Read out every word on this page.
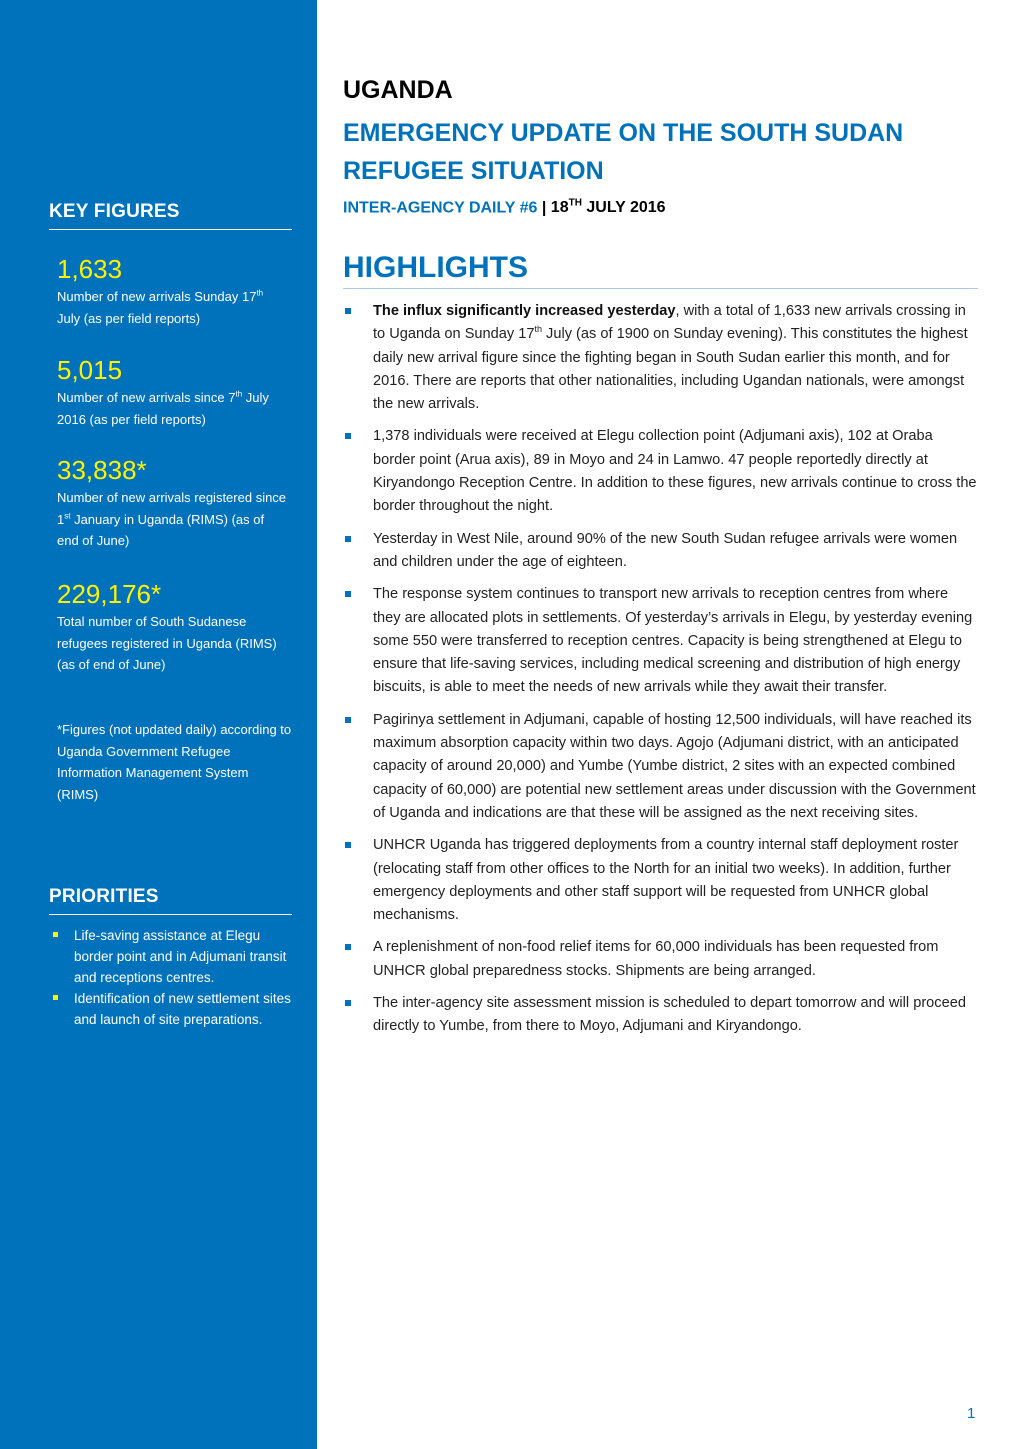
KEY FIGURES
1,633
Number of new arrivals Sunday 17th July (as per field reports)
5,015
Number of new arrivals since 7th July 2016 (as per field reports)
33,838*
Number of new arrivals registered since 1st January in Uganda (RIMS) (as of end of June)
229,176*
Total number of South Sudanese refugees registered in Uganda (RIMS) (as of end of June)
*Figures (not updated daily) according to Uganda Government Refugee Information Management System (RIMS)
PRIORITIES
Life-saving assistance at Elegu border point and in Adjumani transit and receptions centres.
Identification of new settlement sites and launch of site preparations.
UGANDA
EMERGENCY UPDATE ON THE SOUTH SUDAN REFUGEE SITUATION
INTER-AGENCY DAILY #6 | 18TH JULY 2016
HIGHLIGHTS
The influx significantly increased yesterday, with a total of 1,633 new arrivals crossing in to Uganda on Sunday 17th July (as of 1900 on Sunday evening). This constitutes the highest daily new arrival figure since the fighting began in South Sudan earlier this month, and for 2016. There are reports that other nationalities, including Ugandan nationals, were amongst the new arrivals.
1,378 individuals were received at Elegu collection point (Adjumani axis), 102 at Oraba border point (Arua axis), 89 in Moyo and 24 in Lamwo. 47 people reportedly directly at Kiryandongo Reception Centre. In addition to these figures, new arrivals continue to cross the border throughout the night.
Yesterday in West Nile, around 90% of the new South Sudan refugee arrivals were women and children under the age of eighteen.
The response system continues to transport new arrivals to reception centres from where they are allocated plots in settlements. Of yesterday’s arrivals in Elegu, by yesterday evening some 550 were transferred to reception centres. Capacity is being strengthened at Elegu to ensure that life-saving services, including medical screening and distribution of high energy biscuits, is able to meet the needs of new arrivals while they await their transfer.
Pagirinya settlement in Adjumani, capable of hosting 12,500 individuals, will have reached its maximum absorption capacity within two days. Agojo (Adjumani district, with an anticipated capacity of around 20,000) and Yumbe (Yumbe district, 2 sites with an expected combined capacity of 60,000) are potential new settlement areas under discussion with the Government of Uganda and indications are that these will be assigned as the next receiving sites.
UNHCR Uganda has triggered deployments from a country internal staff deployment roster (relocating staff from other offices to the North for an initial two weeks). In addition, further emergency deployments and other staff support will be requested from UNHCR global mechanisms.
A replenishment of non-food relief items for 60,000 individuals has been requested from UNHCR global preparedness stocks. Shipments are being arranged.
The inter-agency site assessment mission is scheduled to depart tomorrow and will proceed directly to Yumbe, from there to Moyo, Adjumani and Kiryandongo.
1
